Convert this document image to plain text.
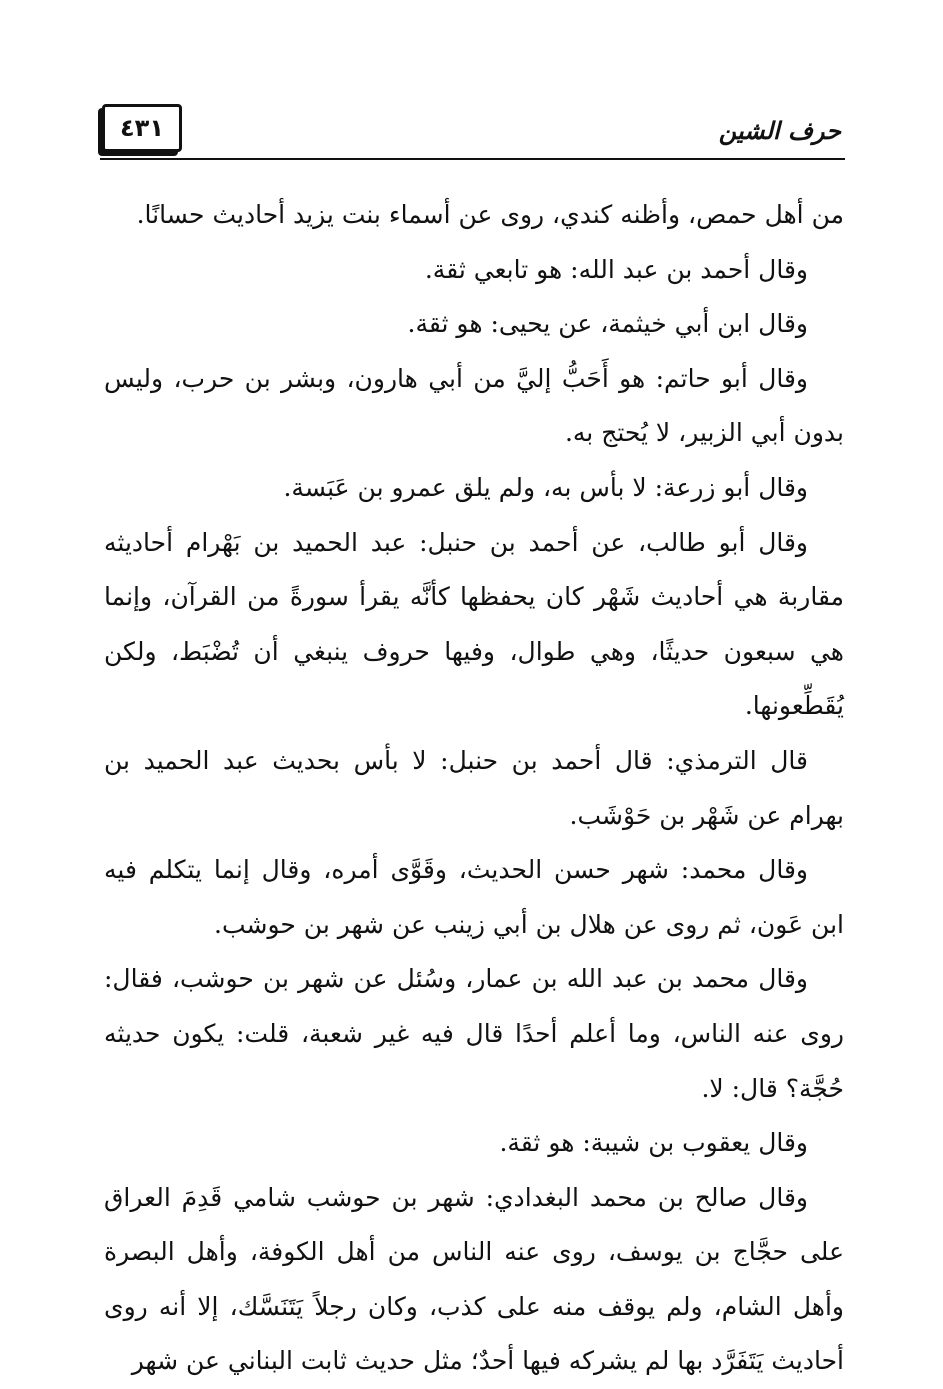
٤٣١	حرف الشين

من أهل حمص، وأظنه كندي، روى عن أسماء بنت يزيد أحاديث حسانًا.

وقال أحمد بن عبد الله: هو تابعي ثقة.

وقال ابن أبي خيثمة، عن يحيى: هو ثقة.

وقال أبو حاتم: هو أَحَبُّ إليَّ من أبي هارون، وبشر بن حرب، وليس بدون أبي الزبير، لا يُحتج به.

وقال أبو زرعة: لا بأس به، ولم يلق عمرو بن عَبَسة.

وقال أبو طالب، عن أحمد بن حنبل: عبد الحميد بن بَهْرام أحاديثه مقاربة هي أحاديث شَهْر كان يحفظها كأنَّه يقرأ سورةً من القرآن، وإنما هي سبعون حديثًا، وهي طوال، وفيها حروف ينبغي أن تُضْبَط، ولكن يُقَطِّعونها.

قال الترمذي: قال أحمد بن حنبل: لا بأس بحديث عبد الحميد بن بهرام عن شَهْر بن حَوْشَب.

وقال محمد: شهر حسن الحديث، وقَوَّى أمره، وقال إنما يتكلم فيه ابن عَون، ثم روى عن هلال بن أبي زينب عن شهر بن حوشب.

وقال محمد بن عبد الله بن عمار، وسُئل عن شهر بن حوشب، فقال: روى عنه الناس، وما أعلم أحدًا قال فيه غير شعبة، قلت: يكون حديثه حُجَّة؟ قال: لا.

وقال يعقوب بن شيبة: هو ثقة.

وقال صالح بن محمد البغدادي: شهر بن حوشب شامي قَدِمَ العراق على حجَّاج بن يوسف، روى عنه الناس من أهل الكوفة، وأهل البصرة وأهل الشام، ولم يوقف منه على كذب، وكان رجلاً يَتَنَسَّك، إلا أنه روى أحاديث يَتَفَرَّد بها لم يشركه فيها أحدٌ؛ مثل حديث ثابت البناني عن شهر
